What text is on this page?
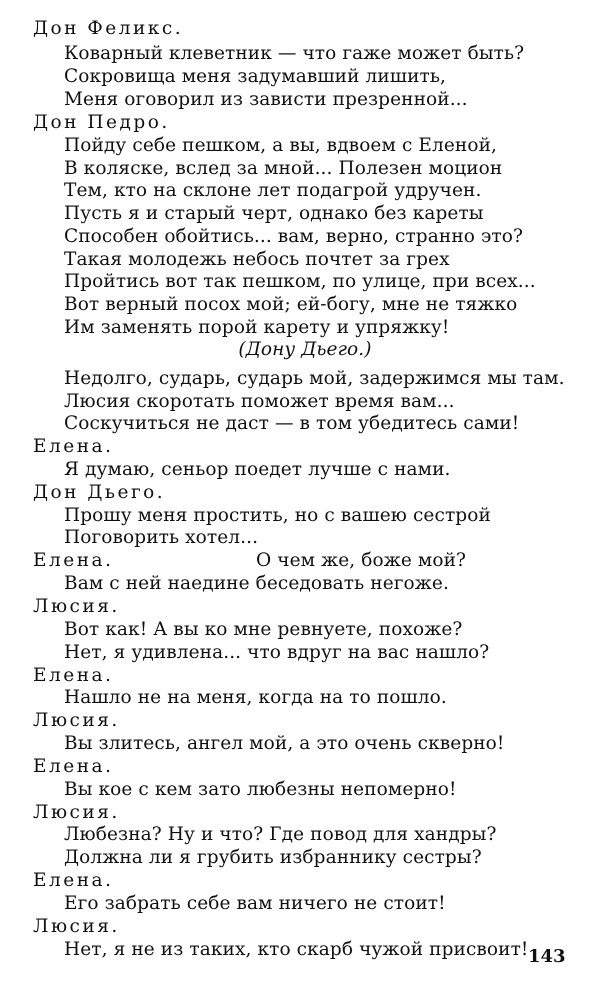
Дон Феликс.
Коварный клеветник — что гаже может быть?
Сокровища меня задумавший лишить,
Меня оговорил из зависти презренной...
Дон Педро.
Пойду себе пешком, а вы, вдвоем с Еленой,
В коляске, вслед за мной... Полезен моцион
Тем, кто на склоне лет подагрой удручен.
Пусть я и старый черт, однако без кареты
Способен обойтись... вам, верно, странно это?
Такая молодежь небось почтет за грех
Пройтись вот так пешком, по улице, при всех...
Вот верный посох мой; ей-богу, мне не тяжко
Им заменять порой карету и упряжку!
(Дону Дьего.)
Недолго, сударь, сударь мой, задержимся мы там.
Люсия скоротать поможет время вам...
Соскучиться не даст — в том убедитесь сами!
Елена.
Я думаю, сеньор поедет лучше с нами.
Дон Дьего.
Прошу меня простить, но с вашею сестрой
Поговорить хотел...
Елена.	О чем же, боже мой?
Вам с ней наедине беседовать негоже.
Люсия.
Вот как! А вы ко мне ревнуете, похоже?
Нет, я удивлена... что вдруг на вас нашло?
Елена.
Нашло не на меня, когда на то пошло.
Люсия.
Вы злитесь, ангел мой, а это очень скверно!
Елена.
Вы кое с кем зато любезны непомерно!
Люсия.
Любезна? Ну и что? Где повод для хандры?
Должна ли я грубить избраннику сестры?
Елена.
Его забрать себе вам ничего не стоит!
Люсия.
Нет, я не из таких, кто скарб чужой присвоит! 143
